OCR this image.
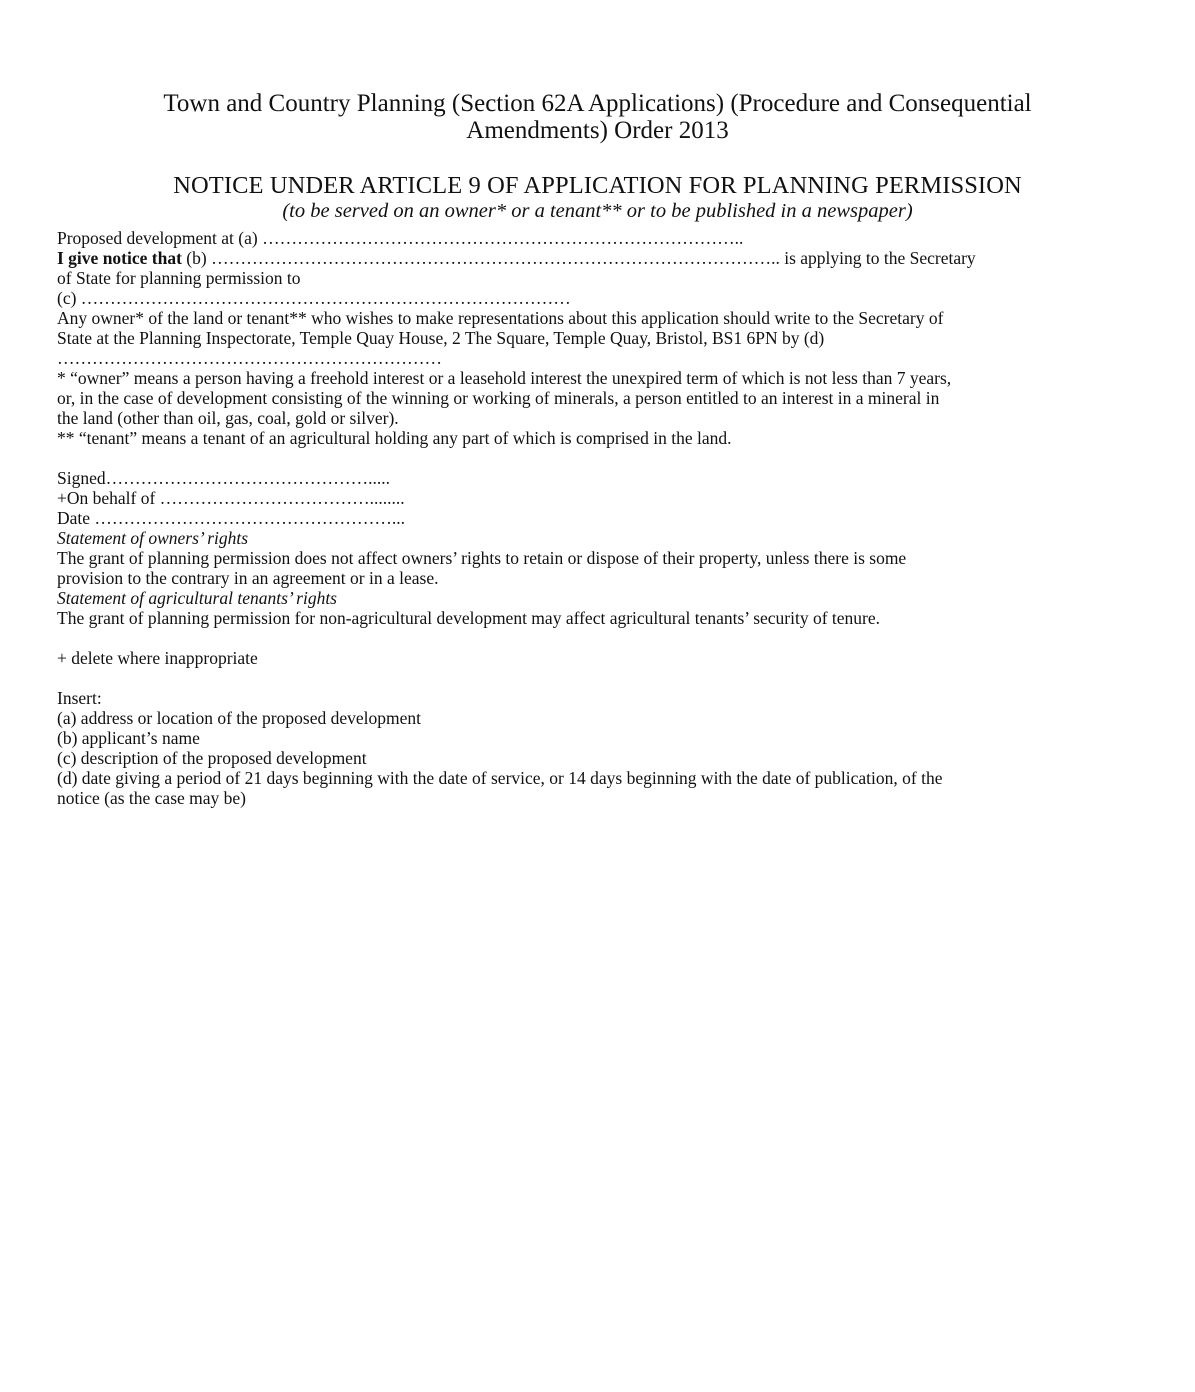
Town and Country Planning (Section 62A Applications) (Procedure and Consequential
Amendments) Order 2013
NOTICE UNDER ARTICLE 9 OF APPLICATION FOR PLANNING PERMISSION
(to be served on an owner* or a tenant** or to be published in a newspaper)
Proposed development at (a) ………………………………………………………………………..
I give notice that (b) …………………………………………………………………………………….. is applying to the Secretary
of State for planning permission to
(c) …………………………………………………………………………
Any owner* of the land or tenant** who wishes to make representations about this application should write to the Secretary of
State at the Planning Inspectorate, Temple Quay House, 2 The Square, Temple Quay, Bristol, BS1 6PN by (d)
…………………………………………………………
* “owner” means a person having a freehold interest or a leasehold interest the unexpired term of which is not less than 7 years,
or, in the case of development consisting of the winning or working of minerals, a person entitled to an interest in a mineral in
the land (other than oil, gas, coal, gold or silver).
** “tenant” means a tenant of an agricultural holding any part of which is comprised in the land.
Signed……………………………………….....
+On behalf of ………………………………........
Date ……………………………………………...
Statement of owners’ rights
The grant of planning permission does not affect owners’ rights to retain or dispose of their property, unless there is some
provision to the contrary in an agreement or in a lease.
Statement of agricultural tenants’ rights
The grant of planning permission for non-agricultural development may affect agricultural tenants’ security of tenure.
+ delete where inappropriate
Insert:
(a) address or location of the proposed development
(b) applicant’s name
(c) description of the proposed development
(d) date giving a period of 21 days beginning with the date of service, or 14 days beginning with the date of publication, of the
notice (as the case may be)
